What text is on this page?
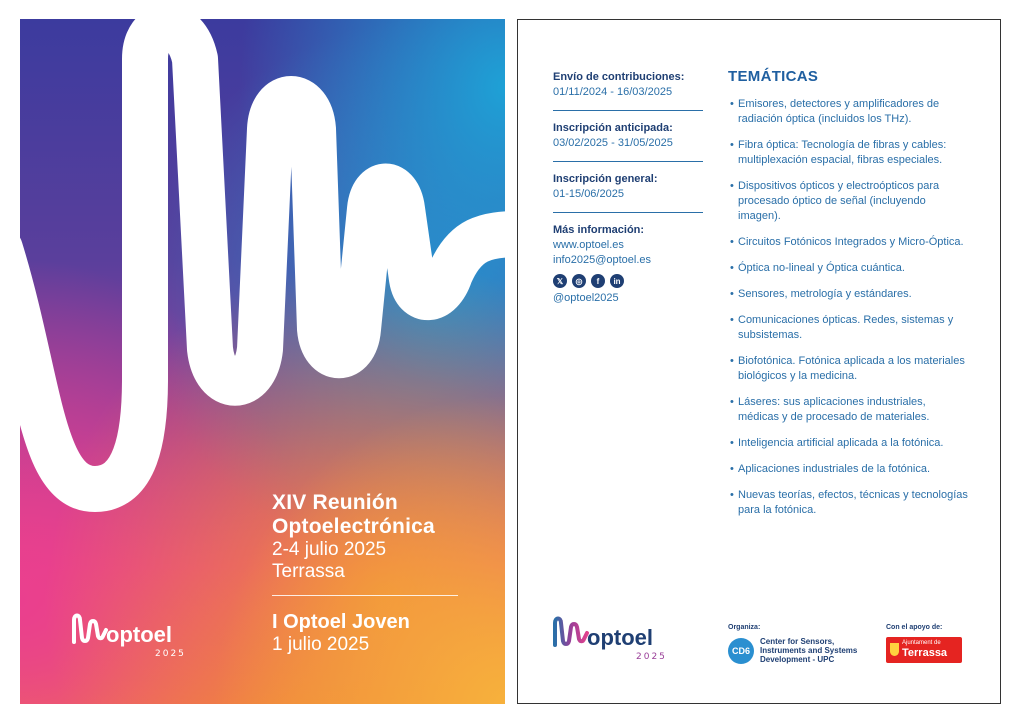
XIV Reunión
Optoelectrónica
2-4 julio 2025
Terrassa
I Optoel Joven
1 julio 2025
optoel
2025
Envío de contribuciones:
01/11/2024 - 16/03/2025
Inscripción anticipada:
03/02/2025 - 31/05/2025
Inscripción general:
01-15/06/2025
Más información:
www.optoel.es
info2025@optoel.es
𝕏	◎	f	in
@optoel2025
TEMÁTICAS
• Emisores, detectores y amplificadores de radiación óptica (incluidos los THz).
• Fibra óptica: Tecnología de fibras y cables: multiplexación espacial, fibras especiales.
• Dispositivos ópticos y electroópticos para procesado óptico de señal (incluyendo imagen).
• Circuitos Fotónicos Integrados y Micro-Óptica.
• Óptica no-lineal y Óptica cuántica.
• Sensores, metrología y estándares.
• Comunicaciones ópticas. Redes, sistemas y subsistemas.
• Biofotónica. Fotónica aplicada a los materiales biológicos y la medicina.
• Láseres: sus aplicaciones industriales, médicas y de procesado de materiales.
• Inteligencia artificial aplicada a la fotónica.
• Aplicaciones industriales de la fotónica.
• Nuevas teorías, efectos, técnicas y tecnologías para la fotónica.
optoel
2025
Organiza:
CD6
Center for Sensors,
Instruments and Systems
Development - UPC
Con el apoyo de:
Ajuntament de
Terrassa
